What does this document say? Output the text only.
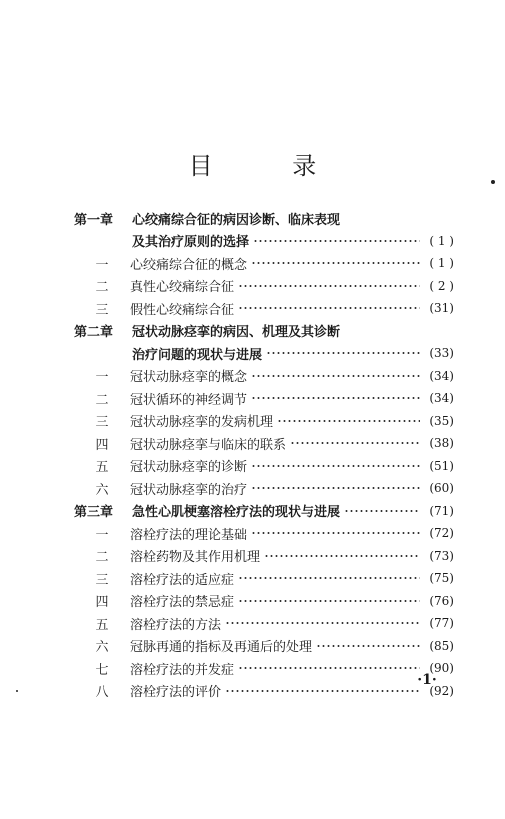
目 录
第一章	心绞痛综合征的病因诊断、临床表现
及其治疗原则的选择	( 1 )
一	心绞痛综合征的概念	( 1 )
二	真性心绞痛综合征	( 2 )
三	假性心绞痛综合征	(31)
第二章	冠状动脉痉挛的病因、机理及其诊断
治疗问题的现状与进展	(33)
一	冠状动脉痉挛的概念	(34)
二	冠状循环的神经调节	(34)
三	冠状动脉痉挛的发病机理	(35)
四	冠状动脉痉挛与临床的联系	(38)
五	冠状动脉痉挛的诊断	(51)
六	冠状动脉痉挛的治疗	(60)
第三章	急性心肌梗塞溶栓疗法的现状与进展	(71)
一	溶栓疗法的理论基础	(72)
二	溶栓药物及其作用机理	(73)
三	溶栓疗法的适应症	(75)
四	溶栓疗法的禁忌症	(76)
五	溶栓疗法的方法	(77)
六	冠脉再通的指标及再通后的处理	(85)
七	溶栓疗法的并发症	(90)
八	溶栓疗法的评价	(92)
·1·
